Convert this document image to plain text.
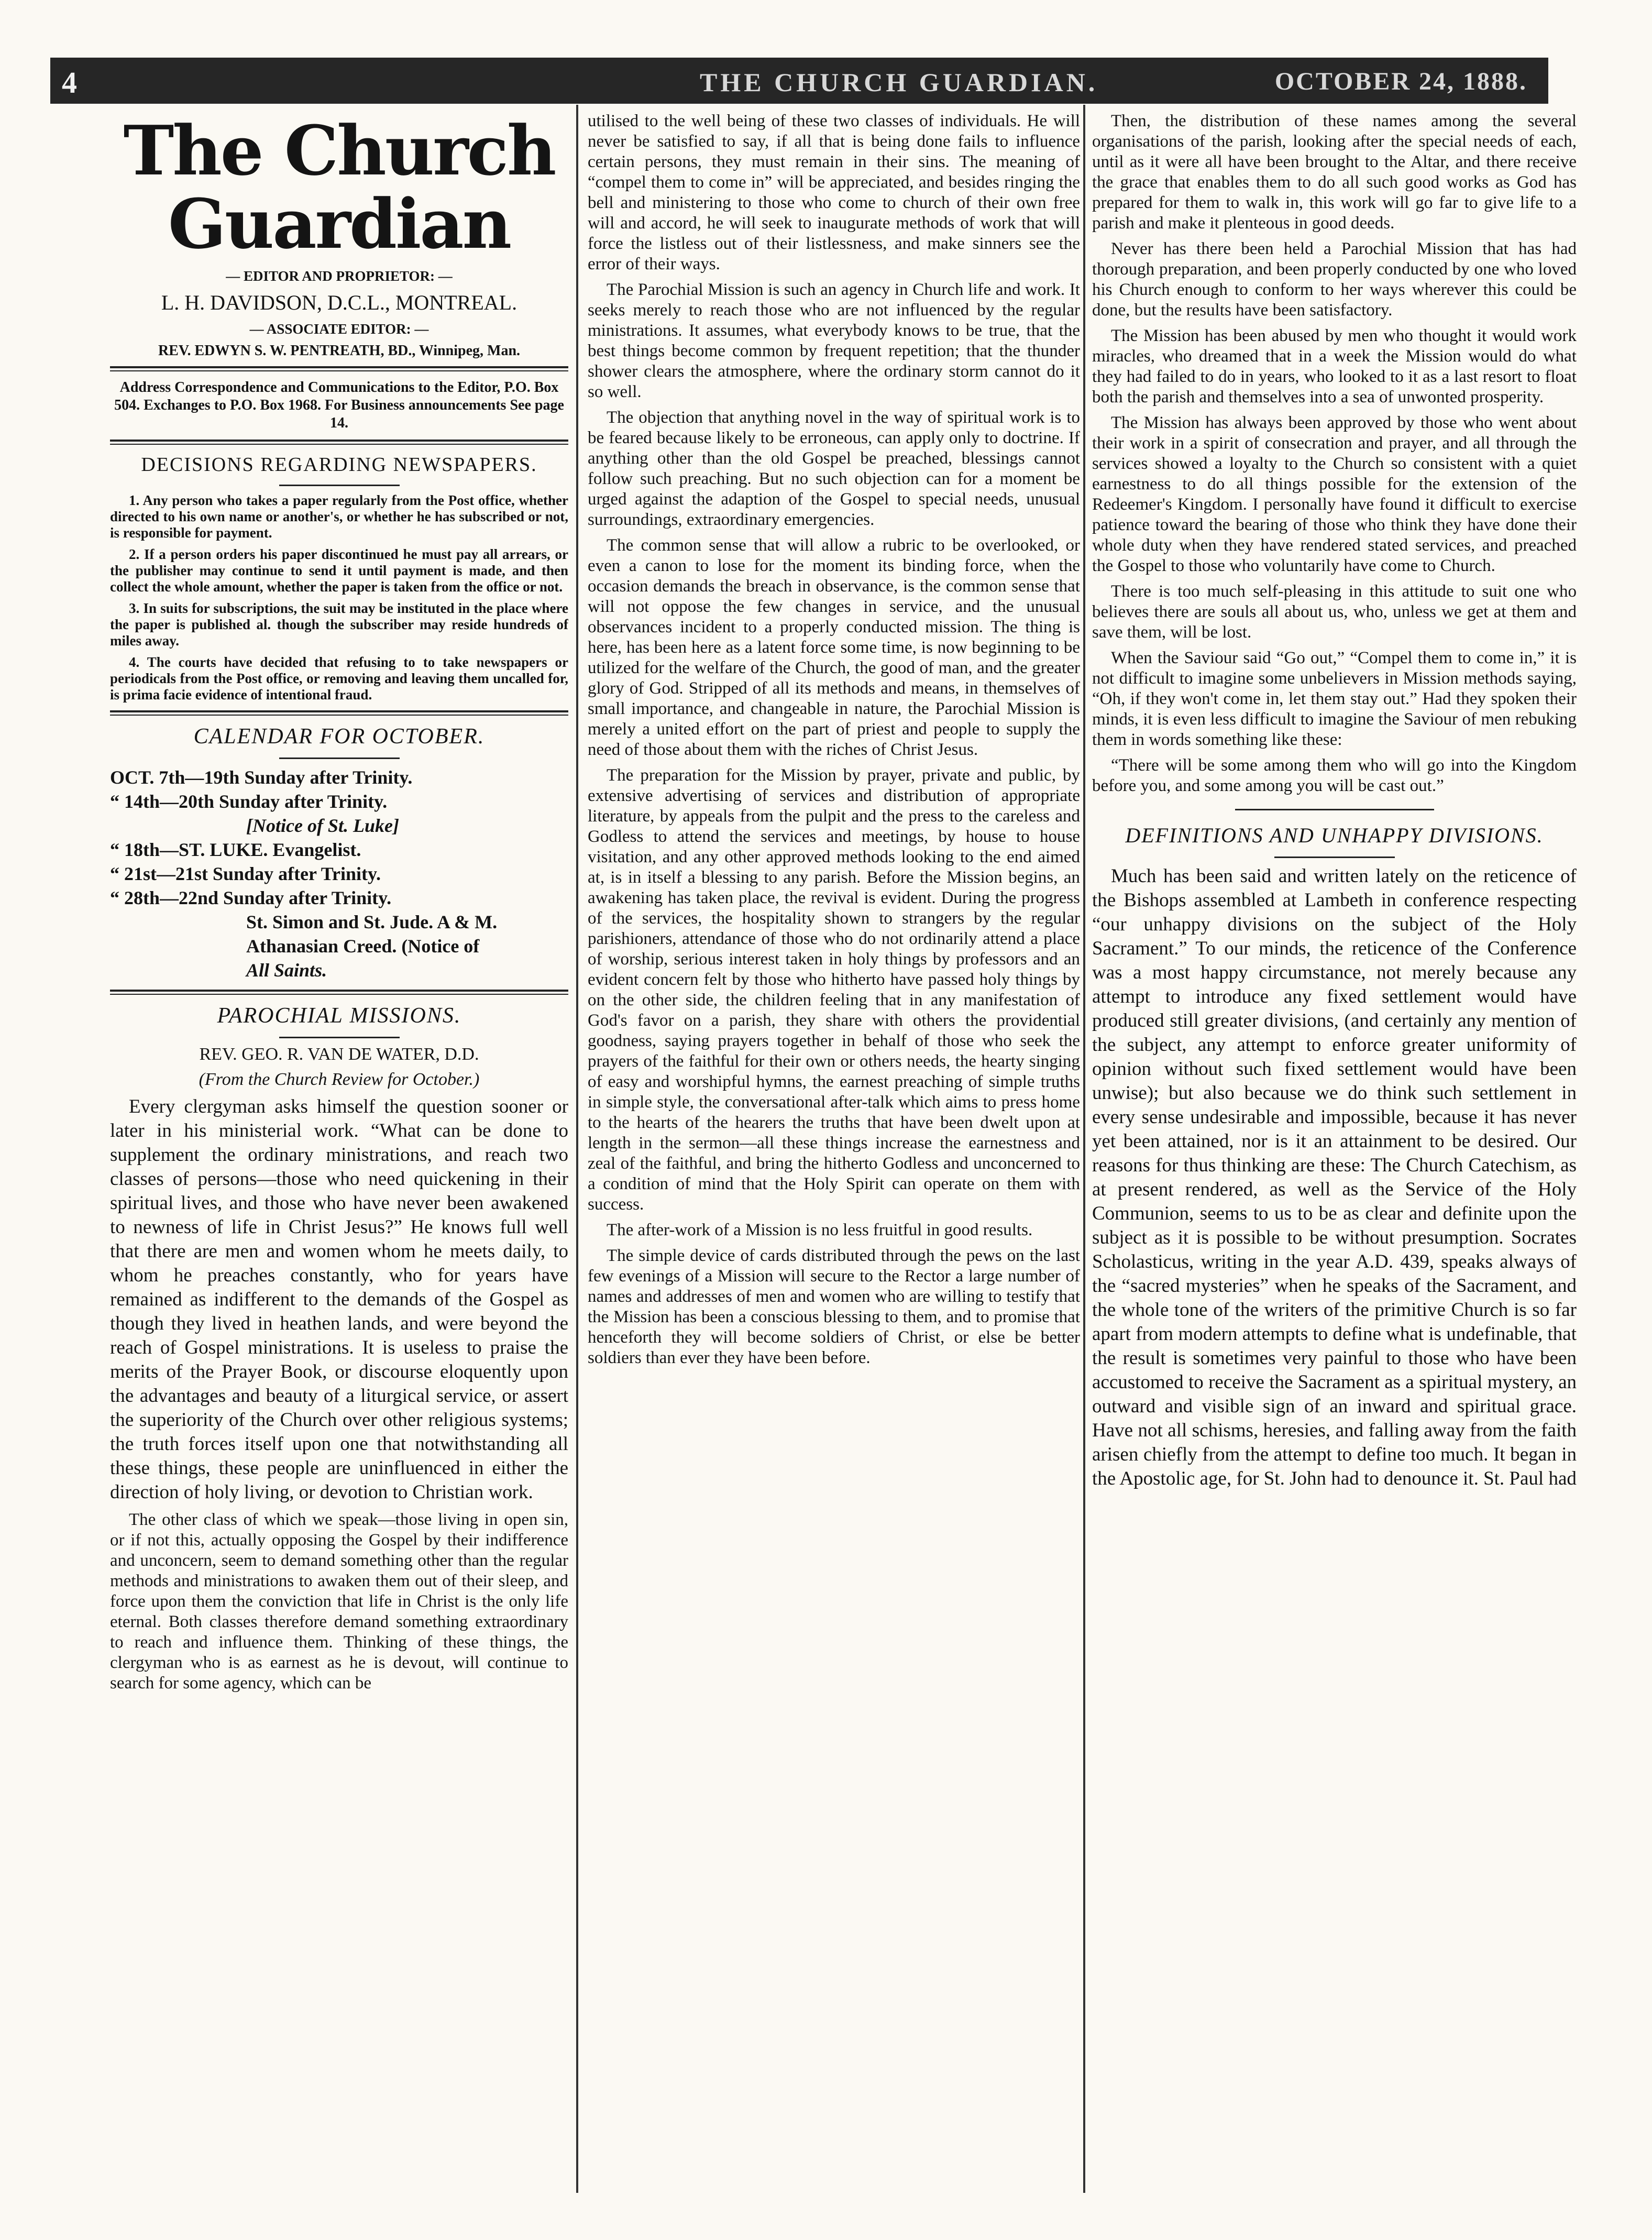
4	THE CHURCH GUARDIAN.	OCTOBER 24, 1888.
The Church Guardian

— EDITOR AND PROPRIETOR: —

L. H. DAVIDSON, D.C.L., MONTREAL.

— ASSOCIATE EDITOR: —

REV. EDWYN S. W. PENTREATH, BD., Winnipeg, Man.

Address Correspondence and Communications to the Editor, P.O. Box 504. Exchanges to P.O. Box 1968. For Business announcements See page 14.

DECISIONS REGARDING NEWSPAPERS.

1. Any person who takes a paper regularly from the Post office, whether directed to his own name or another's, or whether he has subscribed or not, is responsible for payment.

2. If a person orders his paper discontinued he must pay all arrears, or the publisher may continue to send it until payment is made, and then collect the whole amount, whether the paper is taken from the office or not.

3. In suits for subscriptions, the suit may be instituted in the place where the paper is published al. though the subscriber may reside hundreds of miles away.

4. The courts have decided that refusing to to take newspapers or periodicals from the Post office, or removing and leaving them uncalled for, is prima facie evidence of intentional fraud.

CALENDAR FOR OCTOBER.
OCT. 7th—19th Sunday after Trinity.
“ 14th—20th Sunday after Trinity.
[Notice of St. Luke]
“ 18th—ST. LUKE. Evangelist.
“ 21st—21st Sunday after Trinity.
“ 28th—22nd Sunday after Trinity.
St. Simon and St. Jude. A & M.
Athanasian Creed. (Notice of
All Saints.
PAROCHIAL MISSIONS.

REV. GEO. R. VAN DE WATER, D.D.

(From the Church Review for October.)

Every clergyman asks himself the question sooner or later in his ministerial work. “What can be done to supplement the ordinary ministrations, and reach two classes of persons—those who need quickening in their spiritual lives, and those who have never been awakened to newness of life in Christ Jesus?” He knows full well that there are men and women whom he meets daily, to whom he preaches constantly, who for years have remained as indifferent to the demands of the Gospel as though they lived in heathen lands, and were beyond the reach of Gospel ministrations. It is useless to praise the merits of the Prayer Book, or discourse eloquently upon the advantages and beauty of a liturgical service, or assert the superiority of the Church over other religious systems; the truth forces itself upon one that notwithstanding all these things, these people are uninfluenced in either the direction of holy living, or devotion to Christian work.

The other class of which we speak—those living in open sin, or if not this, actually opposing the Gospel by their indifference and unconcern, seem to demand something other than the regular methods and ministrations to awaken them out of their sleep, and force upon them the conviction that life in Christ is the only life eternal. Both classes therefore demand something extraordinary to reach and influence them. Thinking of these things, the clergyman who is as earnest as he is devout, will continue to search for some agency, which can be

utilised to the well being of these two classes of individuals. He will never be satisfied to say, if all that is being done fails to influence certain persons, they must remain in their sins. The meaning of “compel them to come in” will be appreciated, and besides ringing the bell and ministering to those who come to church of their own free will and accord, he will seek to inaugurate methods of work that will force the listless out of their listlessness, and make sinners see the error of their ways.

The Parochial Mission is such an agency in Church life and work. It seeks merely to reach those who are not influenced by the regular ministrations. It assumes, what everybody knows to be true, that the best things become common by frequent repetition; that the thunder shower clears the atmosphere, where the ordinary storm cannot do it so well.

The objection that anything novel in the way of spiritual work is to be feared because likely to be erroneous, can apply only to doctrine. If anything other than the old Gospel be preached, blessings cannot follow such preaching. But no such objection can for a moment be urged against the adaption of the Gospel to special needs, unusual surroundings, extraordinary emergencies.

The common sense that will allow a rubric to be overlooked, or even a canon to lose for the moment its binding force, when the occasion demands the breach in observance, is the common sense that will not oppose the few changes in service, and the unusual observances incident to a properly conducted mission. The thing is here, has been here as a latent force some time, is now beginning to be utilized for the welfare of the Church, the good of man, and the greater glory of God. Stripped of all its methods and means, in themselves of small importance, and changeable in nature, the Parochial Mission is merely a united effort on the part of priest and people to supply the need of those about them with the riches of Christ Jesus.

The preparation for the Mission by prayer, private and public, by extensive advertising of services and distribution of appropriate literature, by appeals from the pulpit and the press to the careless and Godless to attend the services and meetings, by house to house visitation, and any other approved methods looking to the end aimed at, is in itself a blessing to any parish. Before the Mission begins, an awakening has taken place, the revival is evident. During the progress of the services, the hospitality shown to strangers by the regular parishioners, attendance of those who do not ordinarily attend a place of worship, serious interest taken in holy things by professors and an evident concern felt by those who hitherto have passed holy things by on the other side, the children feeling that in any manifestation of God's favor on a parish, they share with others the providential goodness, saying prayers together in behalf of those who seek the prayers of the faithful for their own or others needs, the hearty singing of easy and worshipful hymns, the earnest preaching of simple truths in simple style, the conversational after-talk which aims to press home to the hearts of the hearers the truths that have been dwelt upon at length in the sermon—all these things increase the earnestness and zeal of the faithful, and bring the hitherto Godless and unconcerned to a condition of mind that the Holy Spirit can operate on them with success.

The after-work of a Mission is no less fruitful in good results.

The simple device of cards distributed through the pews on the last few evenings of a Mission will secure to the Rector a large number of names and addresses of men and women who are willing to testify that the Mission has been a conscious blessing to them, and to promise that henceforth they will become soldiers of Christ, or else be better soldiers than ever they have been before.

Then, the distribution of these names among the several organisations of the parish, looking after the special needs of each, until as it were all have been brought to the Altar, and there receive the grace that enables them to do all such good works as God has prepared for them to walk in, this work will go far to give life to a parish and make it plenteous in good deeds.

Never has there been held a Parochial Mission that has had thorough preparation, and been properly conducted by one who loved his Church enough to conform to her ways wherever this could be done, but the results have been satisfactory.

The Mission has been abused by men who thought it would work miracles, who dreamed that in a week the Mission would do what they had failed to do in years, who looked to it as a last resort to float both the parish and themselves into a sea of unwonted prosperity.

The Mission has always been approved by those who went about their work in a spirit of consecration and prayer, and all through the services showed a loyalty to the Church so consistent with a quiet earnestness to do all things possible for the extension of the Redeemer's Kingdom. I personally have found it difficult to exercise patience toward the bearing of those who think they have done their whole duty when they have rendered stated services, and preached the Gospel to those who voluntarily have come to Church.

There is too much self-pleasing in this attitude to suit one who believes there are souls all about us, who, unless we get at them and save them, will be lost.

When the Saviour said “Go out,” “Compel them to come in,” it is not difficult to imagine some unbelievers in Mission methods saying, “Oh, if they won't come in, let them stay out.” Had they spoken their minds, it is even less difficult to imagine the Saviour of men rebuking them in words something like these:

“There will be some among them who will go into the Kingdom before you, and some among you will be cast out.”

DEFINITIONS AND UNHAPPY DIVISIONS.

Much has been said and written lately on the reticence of the Bishops assembled at Lambeth in conference respecting “our unhappy divisions on the subject of the Holy Sacrament.” To our minds, the reticence of the Conference was a most happy circumstance, not merely because any attempt to introduce any fixed settlement would have produced still greater divisions, (and certainly any mention of the subject, any attempt to enforce greater uniformity of opinion without such fixed settlement would have been unwise); but also because we do think such settlement in every sense undesirable and impossible, because it has never yet been attained, nor is it an attainment to be desired. Our reasons for thus thinking are these: The Church Catechism, as at present rendered, as well as the Service of the Holy Communion, seems to us to be as clear and definite upon the subject as it is possible to be without presumption. Socrates Scholasticus, writing in the year A.D. 439, speaks always of the “sacred mysteries” when he speaks of the Sacrament, and the whole tone of the writers of the primitive Church is so far apart from modern attempts to define what is undefinable, that the result is sometimes very painful to those who have been accustomed to receive the Sacrament as a spiritual mystery, an outward and visible sign of an inward and spiritual grace. Have not all schisms, heresies, and falling away from the faith arisen chiefly from the attempt to define too much. It began in the Apostolic age, for St. John had to denounce it. St. Paul had
